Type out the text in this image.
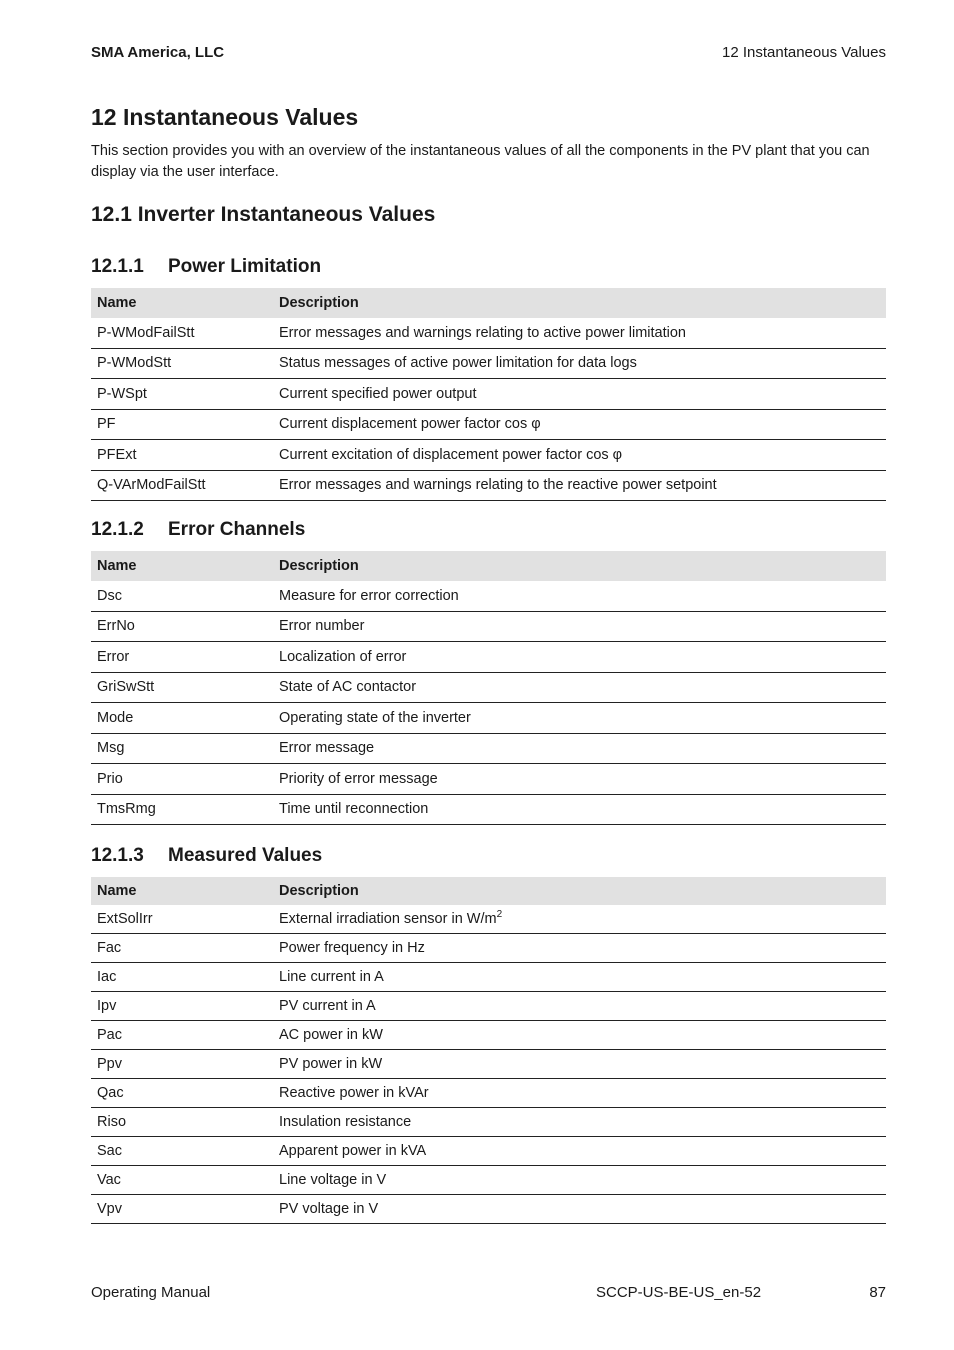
SMA America, LLC	12 Instantaneous Values
12 Instantaneous Values

This section provides you with an overview of the instantaneous values of all the components in the PV plant that you can display via the user interface.

12.1 Inverter Instantaneous Values
12.1.1 Power Limitation
Name	Description
P-WModFailStt	Error messages and warnings relating to active power limitation
P-WModStt	Status messages of active power limitation for data logs
P-WSpt	Current specified power output
PF	Current displacement power factor cos φ
PFExt	Current excitation of displacement power factor cos φ
Q-VArModFailStt	Error messages and warnings relating to the reactive power setpoint
12.1.2 Error Channels
Name	Description
Dsc	Measure for error correction
ErrNo	Error number
Error	Localization of error
GriSwStt	State of AC contactor
Mode	Operating state of the inverter
Msg	Error message
Prio	Priority of error message
TmsRmg	Time until reconnection
12.1.3 Measured Values
Name	Description
ExtSolIrr	External irradiation sensor in $W/m^2$
Fac	Power frequency in Hz
Iac	Line current in A
Ipv	PV current in A
Pac	AC power in kW
Ppv	PV power in kW
Qac	Reactive power in kVAr
Riso	Insulation resistance
Sac	Apparent power in kVA
Vac	Line voltage in V
Vpv	PV voltage in V
Operating Manual	SCCP-US-BE-US_en-52	87
